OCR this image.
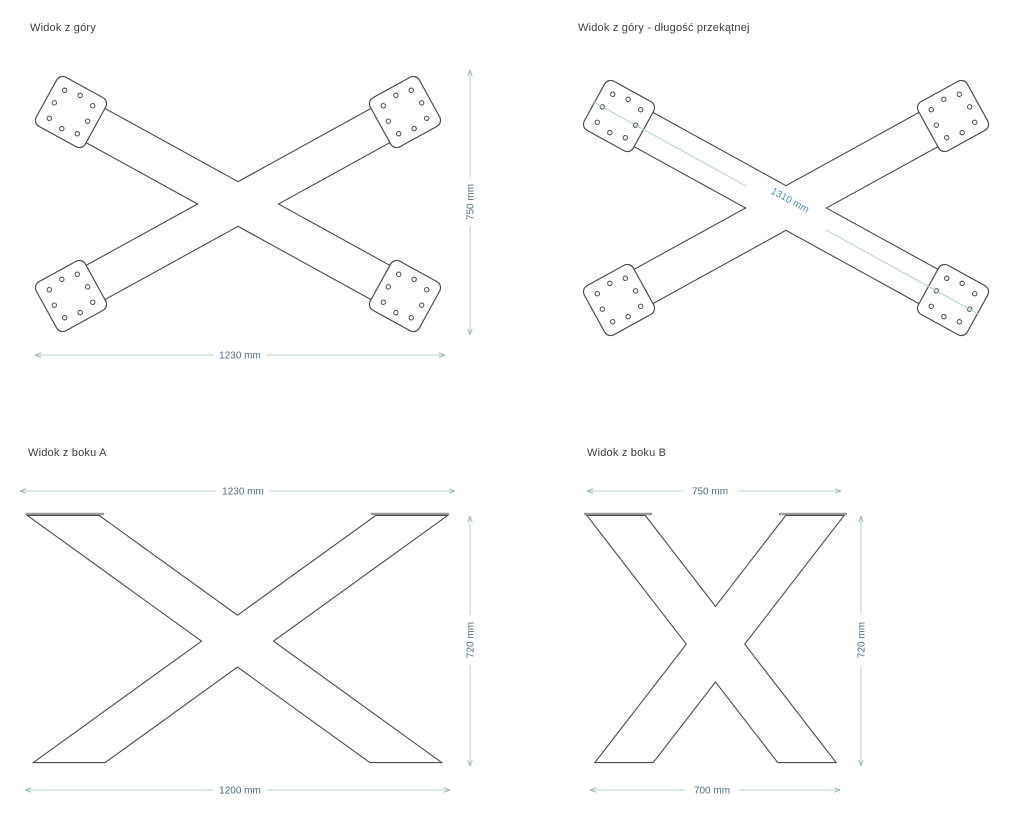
Widok z góry	Widok z góry - długość przekątnej
Widok z boku A	Widok z boku B
1230 mm
750 mm	1310 mm
1230 mm
1200 mm
720 mm
750 mm
700 mm
720 mm
